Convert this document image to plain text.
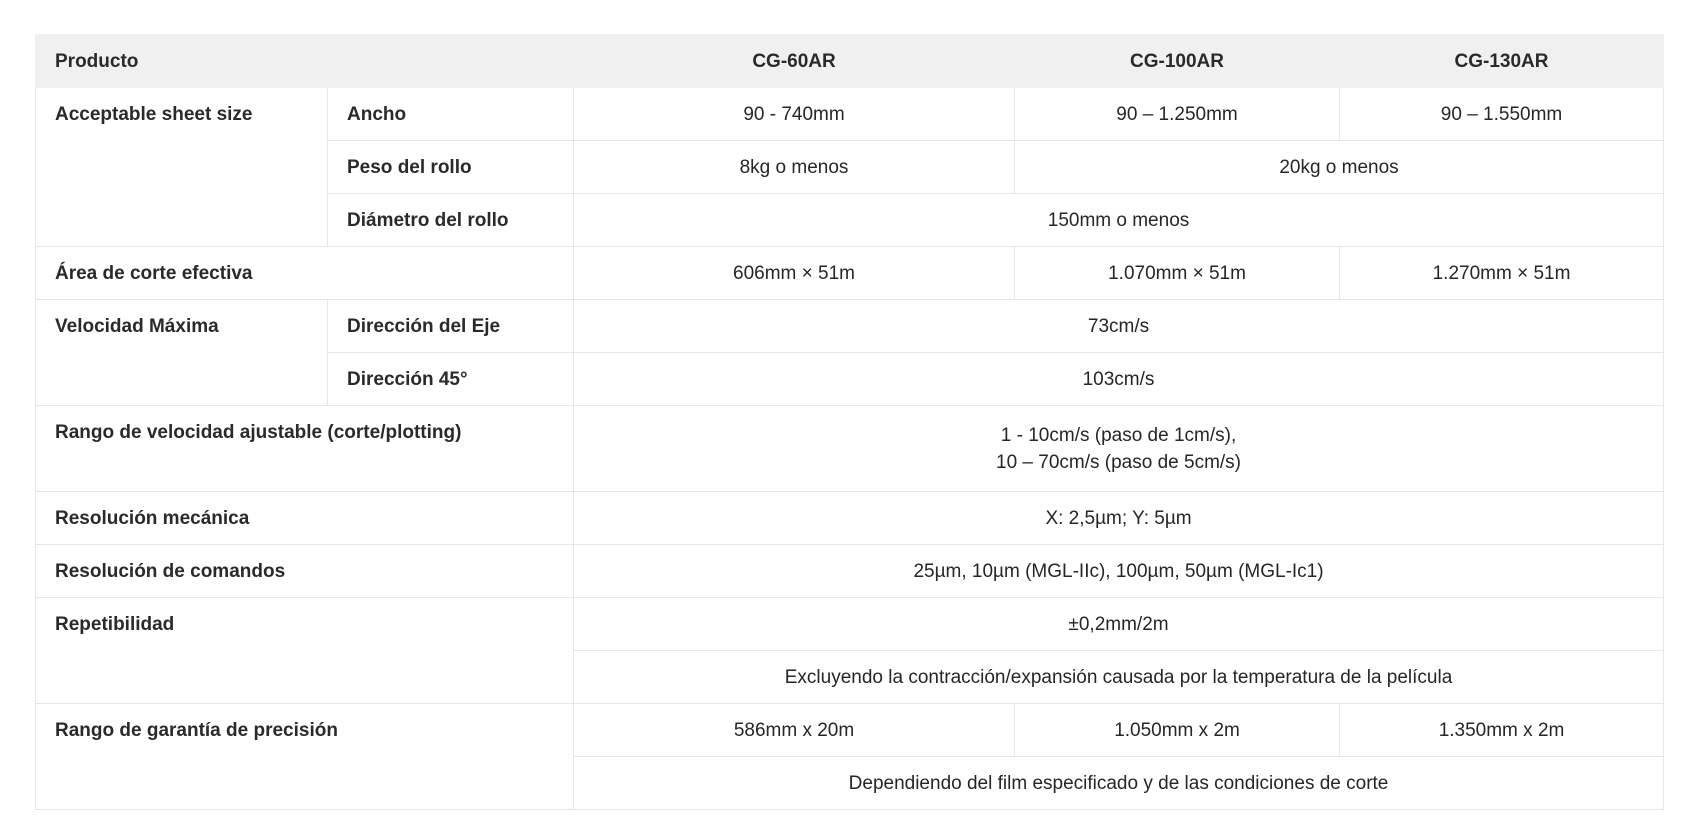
Producto		CG-60AR	CG-100AR	CG-130AR
Acceptable sheet size	Ancho	90 - 740mm	90 – 1.250mm	90 – 1.550mm
	Peso del rollo	8kg o menos	20kg o menos	
	Diámetro del rollo	150mm o menos		
Área de corte efectiva		606mm × 51m	1.070mm × 51m	1.270mm × 51m
Velocidad Máxima	Dirección del Eje	73cm/s		
	Dirección 45°	103cm/s		
Rango de velocidad ajustable (corte/plotting)		1 - 10cm/s (paso de 1cm/s),
10 – 70cm/s (paso de 5cm/s)		

Resolución mecánica		X: 2,5µm; Y: 5µm		
Resolución de comandos		25µm, 10µm (MGL-IIc), 100µm, 50µm (MGL-Ic1)		
Repetibilidad		±0,2mm/2m		
		Excluyendo la contracción/expansión causada por la temperatura de la película		
Rango de garantía de precisión		586mm x 20m	1.050mm x 2m	1.350mm x 2m
		Dependiendo del film especificado y de las condiciones de corte		
